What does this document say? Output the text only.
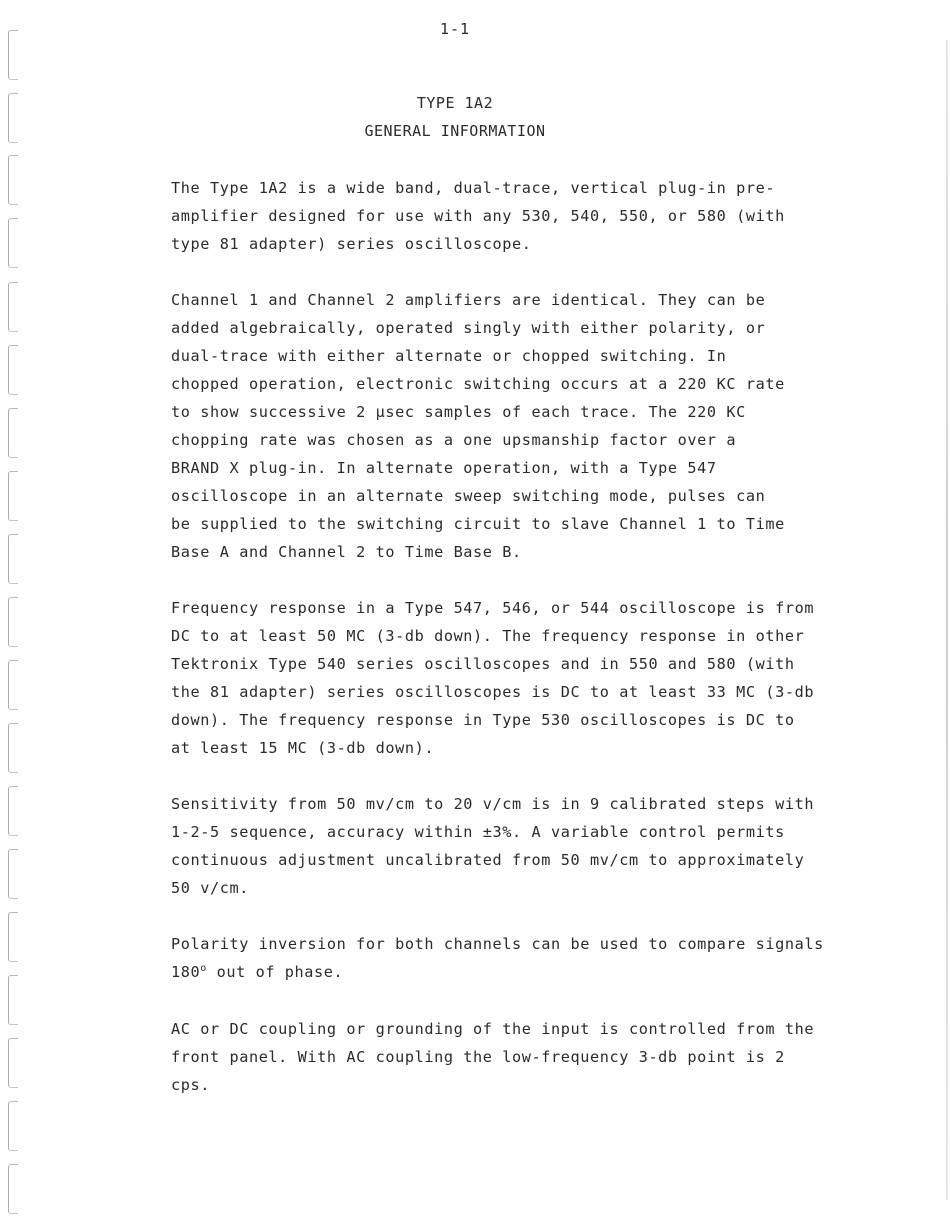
1-1
TYPE 1A2
GENERAL INFORMATION
The Type 1A2 is a wide band, dual-trace, vertical plug-in pre-
amplifier designed for use with any 530, 540, 550, or 580 (with
type 81 adapter) series oscilloscope.
Channel 1 and Channel 2 amplifiers are identical. They can be
added algebraically, operated singly with either polarity, or
dual-trace with either alternate or chopped switching. In
chopped operation, electronic switching occurs at a 220 KC rate
to show successive 2 µsec samples of each trace. The 220 KC
chopping rate was chosen as a one upsmanship factor over a
BRAND X plug-in. In alternate operation, with a Type 547
oscilloscope in an alternate sweep switching mode, pulses can
be supplied to the switching circuit to slave Channel 1 to Time
Base A and Channel 2 to Time Base B.
Frequency response in a Type 547, 546, or 544 oscilloscope is from
DC to at least 50 MC (3-db down). The frequency response in other
Tektronix Type 540 series oscilloscopes and in 550 and 580 (with
the 81 adapter) series oscilloscopes is DC to at least 33 MC (3-db
down). The frequency response in Type 530 oscilloscopes is DC to
at least 15 MC (3-db down).
Sensitivity from 50 mv/cm to 20 v/cm is in 9 calibrated steps with
1-2-5 sequence, accuracy within ±3%. A variable control permits
continuous adjustment uncalibrated from 50 mv/cm to approximately
50 v/cm.
Polarity inversion for both channels can be used to compare signals
180$^o$ out of phase.
AC or DC coupling or grounding of the input is controlled from the
front panel. With AC coupling the low-frequency 3-db point is 2
cps.
